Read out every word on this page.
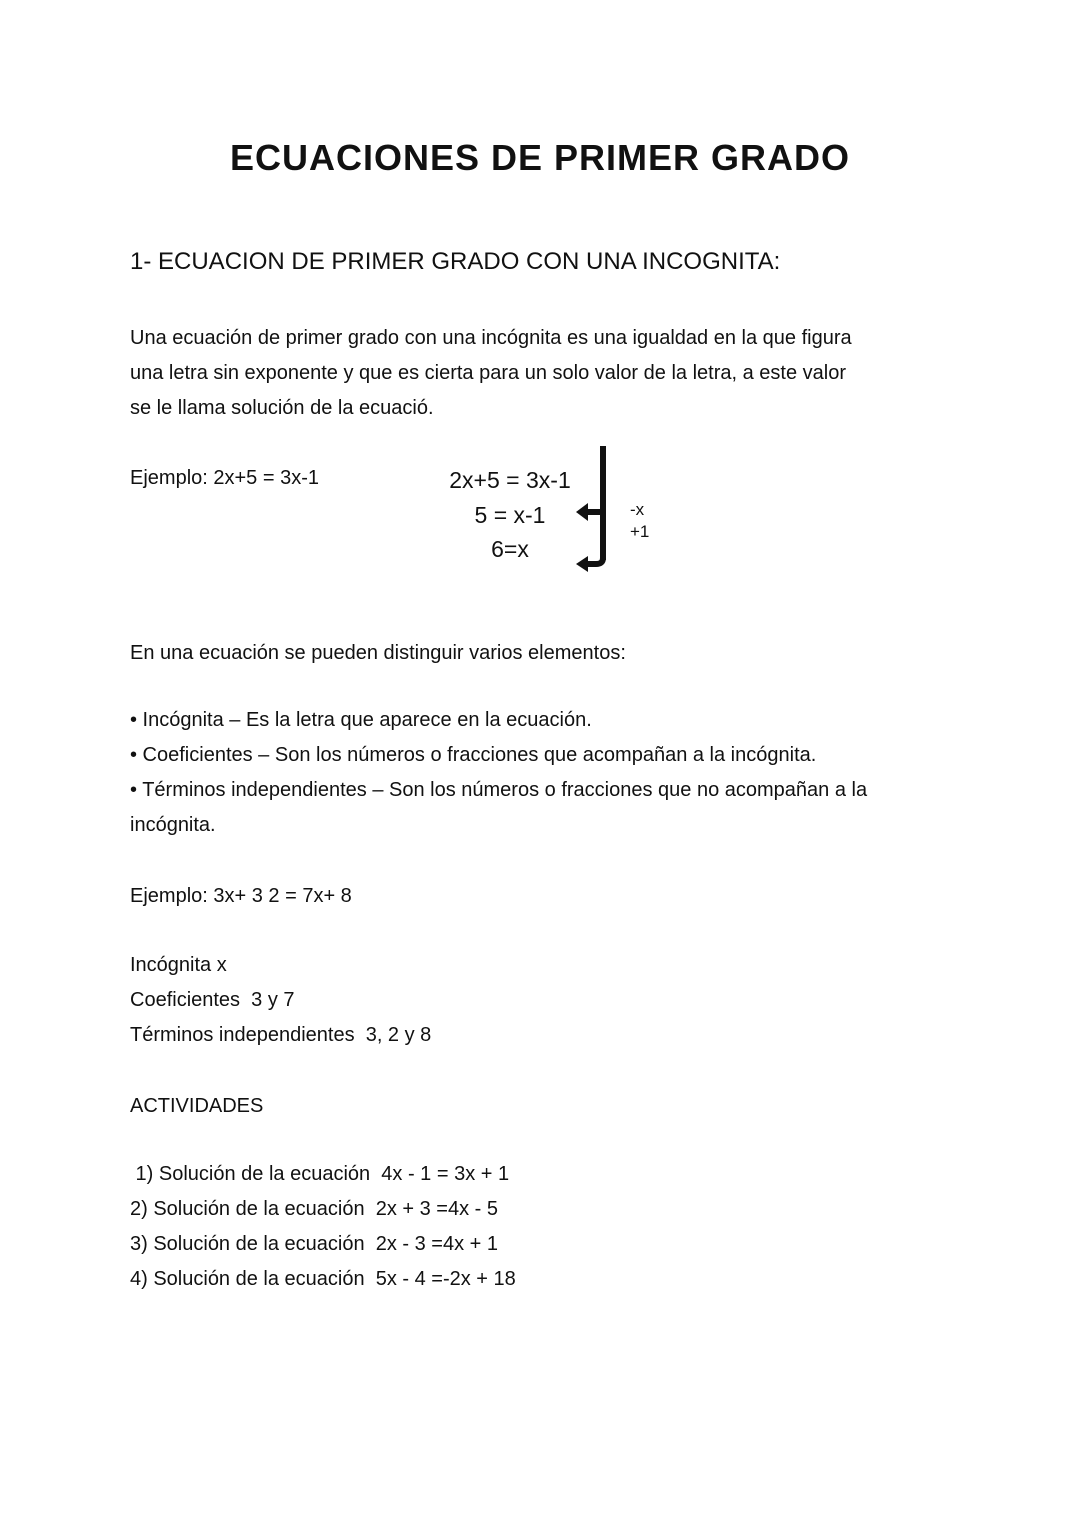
ECUACIONES DE PRIMER GRADO
1- ECUACION DE PRIMER GRADO CON UNA INCOGNITA:
Una ecuación de primer grado con una incógnita es una igualdad en la que figura
una letra sin exponente y que es cierta para un solo valor de la letra, a este valor
se le llama solución de la ecuació.
Ejemplo: 2x+5 = 3x-1	2x+5 = 3x-1
5 = x-1
6=x
-x
+1
En una ecuación se pueden distinguir varios elementos:
• Incógnita – Es la letra que aparece en la ecuación.
• Coeficientes – Son los números o fracciones que acompañan a la incógnita.
• Términos independientes – Son los números o fracciones que no acompañan a la
incógnita.
Ejemplo: 3x+ 3 2 = 7x+ 8
Incógnita x
Coeficientes  3 y 7
Términos independientes  3, 2 y 8
ACTIVIDADES
1) Solución de la ecuación  4x - 1 = 3x + 1
2) Solución de la ecuación  2x + 3 =4x - 5
3) Solución de la ecuación  2x - 3 =4x + 1
4) Solución de la ecuación  5x - 4 =-2x + 18
